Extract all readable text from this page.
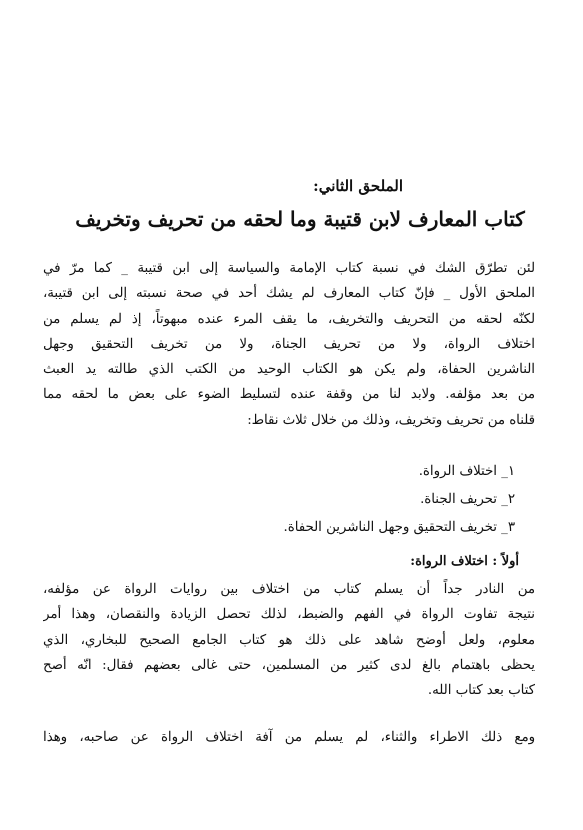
الملحق الثاني:
كتاب المعارف لابن قتيبة وما لحقه من تحريف وتخريف
لئن تطرّق الشك في نسبة كتاب الإمامة والسياسة إلى ابن قتيبة _ كما مرّ في
الملحق الأول _ فإنّ كتاب المعارف لم يشك أحد في صحة نسبته إلى ابن قتيبة،
لكنّه لحقه من التحريف والتخريف، ما يقف المرء عنده مبهوتاً، إذ لم يسلم من
اختلاف الرواة، ولا من تحريف الجناة، ولا من تخريف التحقيق وجهل
الناشرين الحفاة، ولم يكن هو الكتاب الوحيد من الكتب الذي طالته يد العبث
من بعد مؤلفه. ولابد لنا من وقفة عنده لتسليط الضوء على بعض ما لحقه مما
قلناه من تحريف وتخريف، وذلك من خلال ثلاث نقاط:
١_ اختلاف الرواة.
٢_ تحريف الجناة.
٣_ تخريف التحقيق وجهل الناشرين الحفاة.
أولاً : اختلاف الرواة:
من النادر جداً أن يسلم كتاب من اختلاف بين روايات الرواة عن مؤلفه،
نتيجة تفاوت الرواة في الفهم والضبط، لذلك تحصل الزيادة والنقصان، وهذا أمر
معلوم، ولعل أوضح شاهد على ذلك هو كتاب الجامع الصحيح للبخاري، الذي
يحظى باهتمام بالغ لدى كثير من المسلمين، حتى غالى بعضهم فقال: انّه أصح
كتاب بعد كتاب الله.
ومع ذلك الاطراء والثناء، لم يسلم من آفة اختلاف الرواة عن صاحبه، وهذا
